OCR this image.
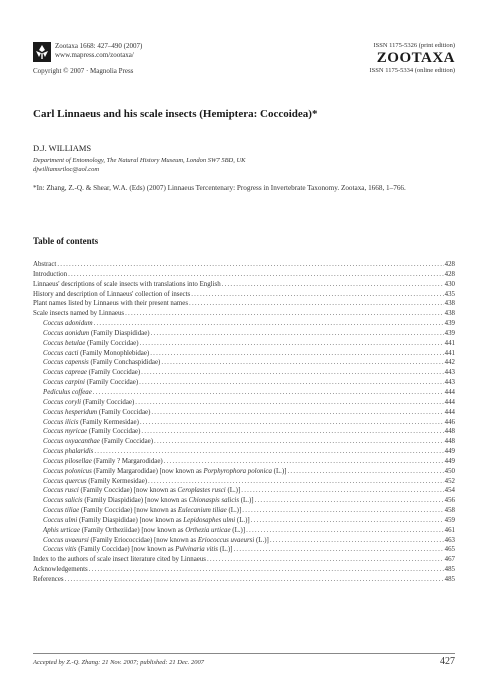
Zootaxa 1668: 427–490 (2007)
www.mapress.com/zootaxa/
Copyright © 2007 · Magnolia Press
ISSN 1175-5326 (print edition)
ZOOTAXA
ISSN 1175-5334 (online edition)
Carl Linnaeus and his scale insects (Hemiptera: Coccoidea)*
D.J. WILLIAMS
Department of Entomology, The Natural History Museum, London SW7 5BD, UK
djwilliamsriloc@aol.com
*In: Zhang, Z.-Q. & Shear, W.A. (Eds) (2007) Linnaeus Tercentenary: Progress in Invertebrate Taxonomy. Zootaxa, 1668, 1–766.
Table of contents
Abstract .....	428
Introduction .....	428
Linnaeus' descriptions of scale insects with translations into English .....	430
History and description of Linnaeus' collection of insects .....	435
Plant names listed by Linnaeus with their present names .....	438
Scale insects named by Linnaeus .....	438
Coccus adonidum .....	439
Coccus aonidum (Family Diaspididae) .....	439
Coccus betulae (Family Coccidae) .....	441
Coccus cacti (Family Monophlebidae) .....	441
Coccus capensis (Family Conchaspididae) .....	442
Coccus capreae (Family Coccidae) .....	443
Coccus carpini (Family Coccidae) .....	443
Pediculus coffeae .....	444
Coccus coryli (Family Coccidae) .....	444
Coccus hesperidum (Family Coccidae) .....	444
Coccus ilicis (Family Kermesidae) .....	446
Coccus myricae (Family Coccidae) .....	448
Coccus oxyacanthae (Family Coccidae) .....	448
Coccus phalaridis .....	449
Coccus pilosellae (Family ? Margarodidae) .....	449
Coccus polonicus (Family Margarodidae) [now known as Porphyrophora polonica (L.)] .....	450
Coccus quercus (Family Kermesidae) .....	452
Coccus rusci (Family Coccidae) [now known as Ceroplastes rusci (L.)] .....	454
Coccus salicis (Family Diaspididae) [now known as Chionaspis salicis (L.)] .....	456
Coccus tiliae (Family Coccidae) [now known as Eulecanium tiliae (L.)] .....	458
Coccus ulmi (Family Diaspididae) [now known as Lepidosaphes ulmi (L.)] .....	459
Aphis urticae (Family Ortheziidae) [now known as Orthezia urticae (L.)] .....	461
Coccus uvaeursi (Family Eriococcidae) [now known as Eriococcus uvaeursi (L.)] .....	463
Coccus vitis (Family Coccidae) [now known as Pulvinaria vitis (L.)] .....	465
Index to the authors of scale insect literature cited by Linnaeus .....	467
Acknowledgements .....	485
References .....	485
Accepted by Z.-Q. Zhang: 21 Nov. 2007; published: 21 Dec. 2007	427
